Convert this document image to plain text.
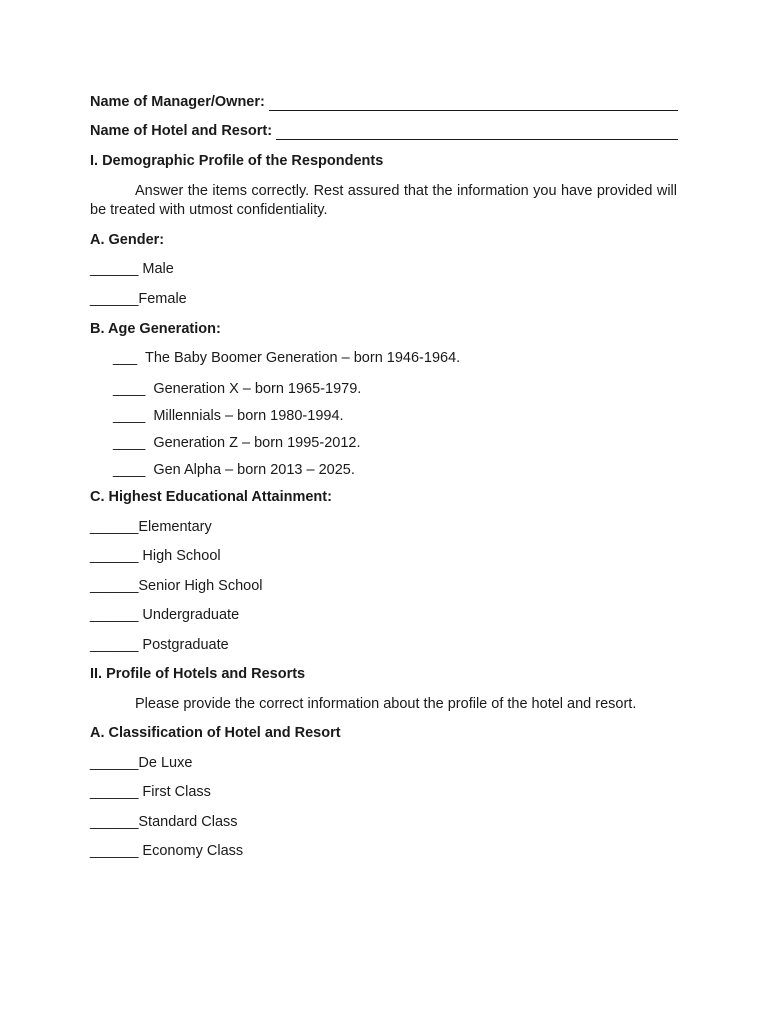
Name of Manager/Owner:
Name of Hotel and Resort:
I. Demographic Profile of the Respondents
Answer the items correctly. Rest assured that the information you have provided will be treated with utmost confidentiality.
A. Gender:
______ Male
______Female
B. Age Generation:
___  The Baby Boomer Generation – born 1946-1964.
____  Generation X – born 1965-1979.
____  Millennials – born 1980-1994.
____  Generation Z – born 1995-2012.
____  Gen Alpha – born 2013 – 2025.
C. Highest Educational Attainment:
______Elementary
______ High School
______Senior High School
______ Undergraduate
______ Postgraduate
II. Profile of Hotels and Resorts
Please provide the correct information about the profile of the hotel and resort.
A. Classification of Hotel and Resort
______De Luxe
______ First Class
______Standard Class
______ Economy Class
